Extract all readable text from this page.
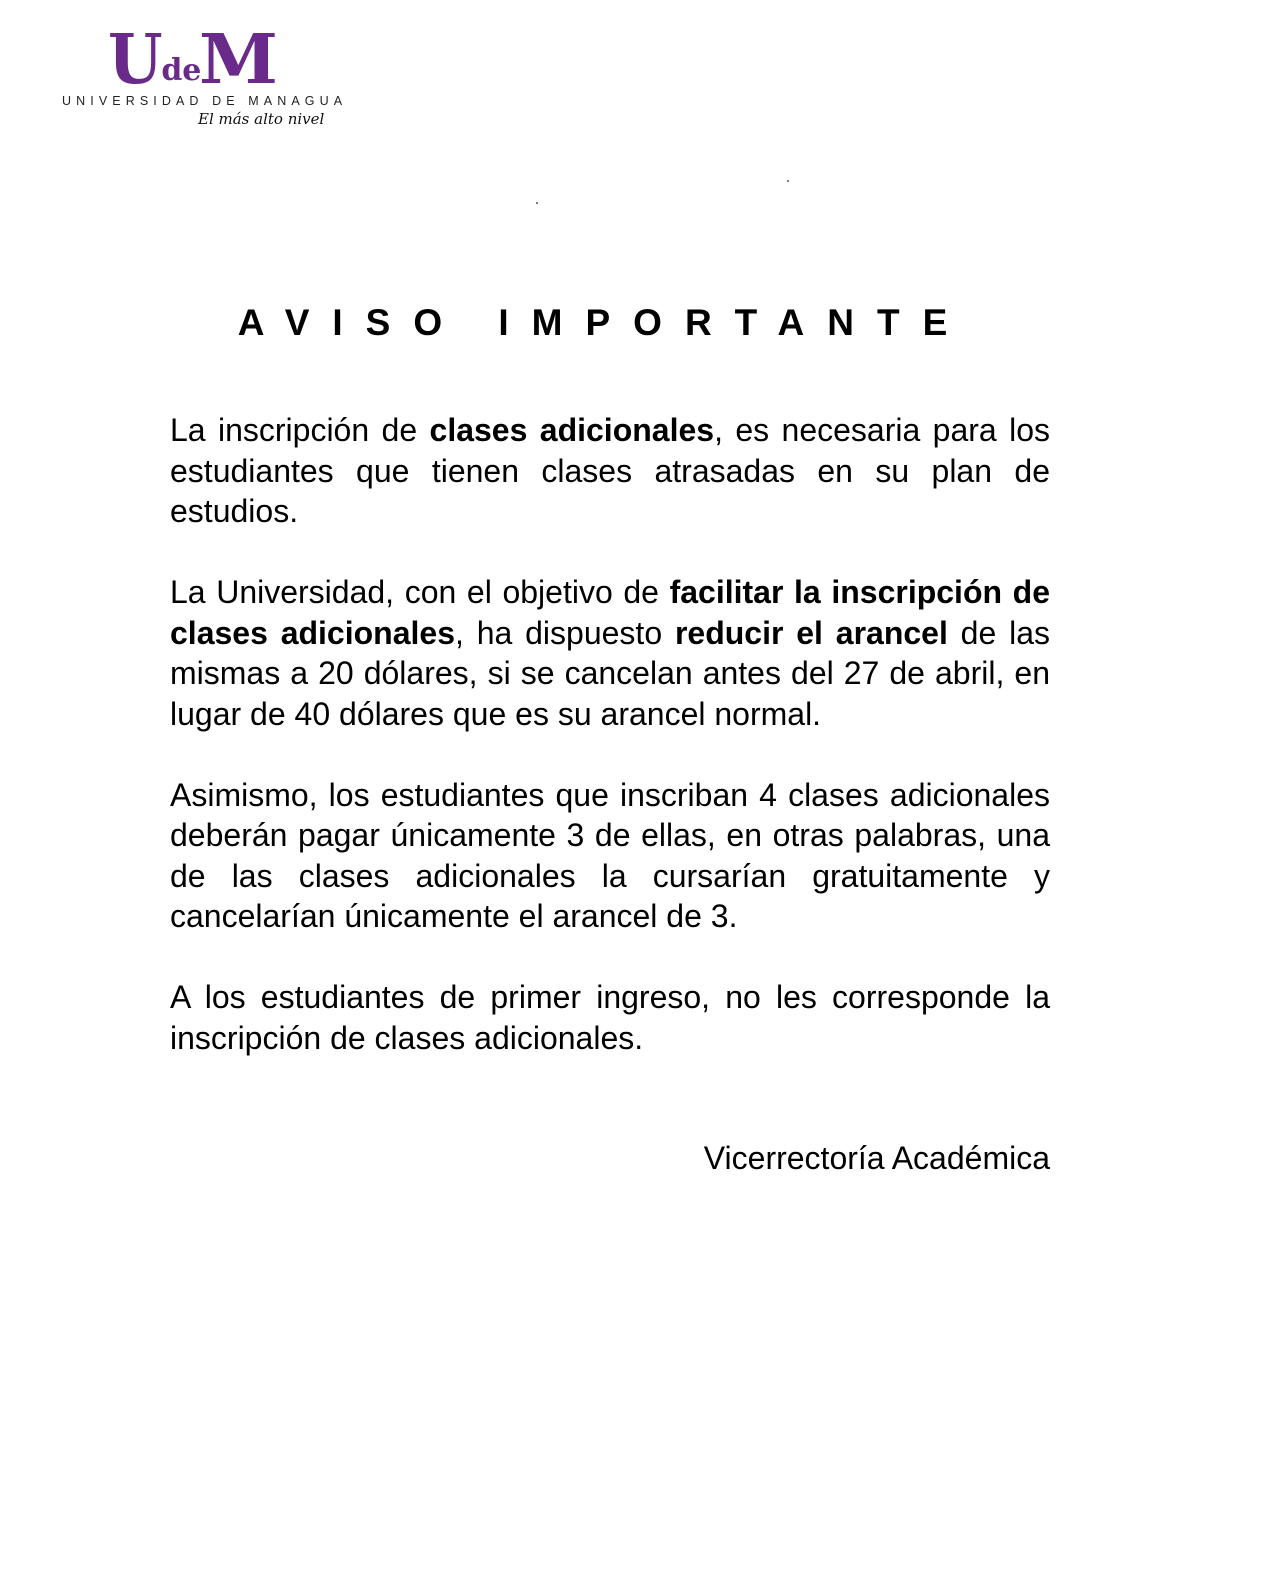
UdeM
UNIVERSIDAD DE MANAGUA
El más alto nivel
AVISO IMPORTANTE

La inscripción de clases adicionales, es necesaria para los estudiantes que tienen clases atrasadas en su plan de estudios.

La Universidad, con el objetivo de facilitar la inscripción de clases adicionales, ha dispuesto reducir el arancel de las mismas a 20 dólares, si se cancelan antes del 27 de abril, en lugar de 40 dólares que es su arancel normal.

Asimismo, los estudiantes que inscriban 4 clases adicionales deberán pagar únicamente 3 de ellas, en otras palabras, una de las clases adicionales la cursarían gratuitamente y cancelarían únicamente el arancel de 3.

A los estudiantes de primer ingreso, no les corresponde la inscripción de clases adicionales.

Vicerrectoría Académica
